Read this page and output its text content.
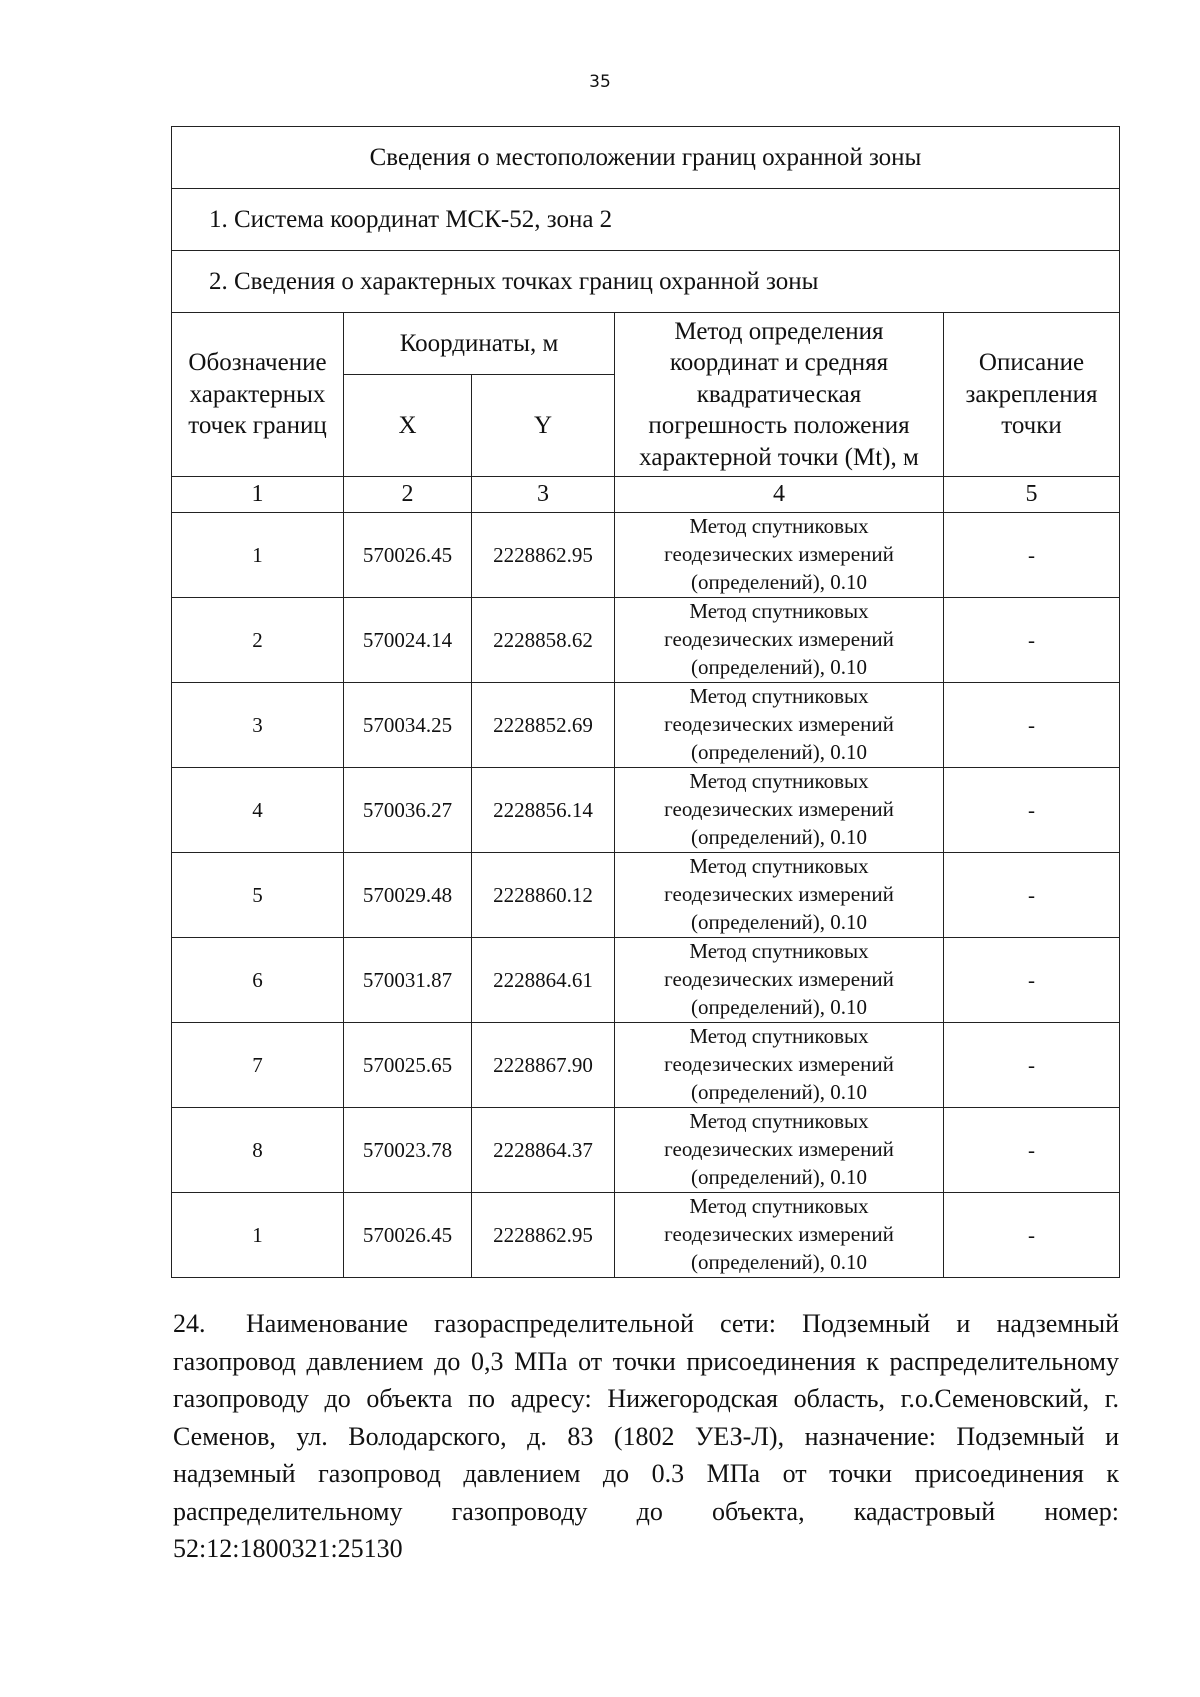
35
Сведения о местоположении границ охранной зоны				
1. Система координат МСК-52, зона 2				
2. Сведения о характерных точках границ охранной зоны				
Обозначение
характерных
точек границ	Координаты, м		Метод определения
координат и средняя
квадратическая
погрешность положения
характерной точки (Mt), м	Описание
закрепления
точки
	X	Y		
1	2	3	4	5
1	570026.45	2228862.95	Метод спутниковых
геодезических измерений
(определений), 0.10	-
2	570024.14	2228858.62	Метод спутниковых
геодезических измерений
(определений), 0.10	-
3	570034.25	2228852.69	Метод спутниковых
геодезических измерений
(определений), 0.10	-
4	570036.27	2228856.14	Метод спутниковых
геодезических измерений
(определений), 0.10	-
5	570029.48	2228860.12	Метод спутниковых
геодезических измерений
(определений), 0.10	-
6	570031.87	2228864.61	Метод спутниковых
геодезических измерений
(определений), 0.10	-
7	570025.65	2228867.90	Метод спутниковых
геодезических измерений
(определений), 0.10	-
8	570023.78	2228864.37	Метод спутниковых
геодезических измерений
(определений), 0.10	-
1	570026.45	2228862.95	Метод спутниковых
геодезических измерений
(определений), 0.10	-
24. Наименование газораспределительной сети: Подземный и надземный газопровод давлением до 0,3 МПа от точки присоединения к распределительному газопроводу до объекта по адресу: Нижегородская область, г.о.Семеновский, г. Семенов, ул. Володарского, д. 83 (1802 УЕЗ-Л), назначение: Подземный и надземный газопровод давлением до 0.3 МПа от точки присоединения к распределительному газопроводу до объекта, кадастровый номер: 52:12:1800321:25130
